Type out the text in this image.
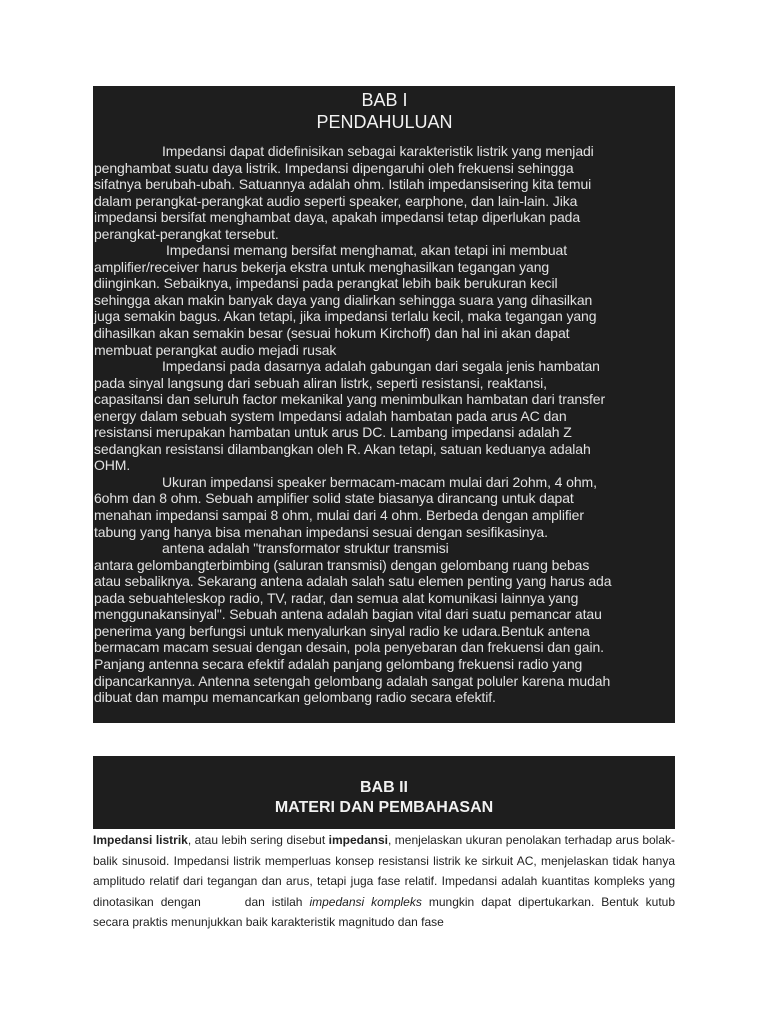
BAB I
PENDAHULUAN

Impedansi dapat didefinisikan sebagai karakteristik listrik yang menjadi

penghambat suatu daya listrik. Impedansi dipengaruhi oleh frekuensi sehingga

sifatnya berubah-ubah. Satuannya adalah ohm. Istilah impedansisering kita temui

dalam perangkat-perangkat audio seperti speaker, earphone, dan lain-lain. Jika

impedansi bersifat menghambat daya, apakah impedansi tetap diperlukan pada

perangkat-perangkat tersebut.

Impedansi memang bersifat menghamat, akan tetapi ini membuat

amplifier/receiver harus bekerja ekstra untuk menghasilkan tegangan yang

diinginkan. Sebaiknya, impedansi pada perangkat lebih baik berukuran kecil

sehingga akan makin banyak daya yang dialirkan sehingga suara yang dihasilkan

juga semakin bagus. Akan tetapi, jika impedansi terlalu kecil, maka tegangan yang

dihasilkan akan semakin besar (sesuai hokum Kirchoff) dan hal ini akan dapat

membuat perangkat audio mejadi rusak

Impedansi pada dasarnya adalah gabungan dari segala jenis hambatan

pada sinyal langsung dari sebuah aliran listrk, seperti resistansi, reaktansi,

capasitansi dan seluruh factor mekanikal yang menimbulkan hambatan dari transfer

energy dalam sebuah system Impedansi adalah hambatan pada arus AC dan

resistansi merupakan hambatan untuk arus DC. Lambang impedansi adalah Z

sedangkan resistansi dilambangkan oleh R. Akan tetapi, satuan keduanya adalah

OHM.

Ukuran impedansi speaker bermacam-macam mulai dari 2ohm, 4 ohm,

6ohm dan 8 ohm. Sebuah amplifier solid state biasanya dirancang untuk dapat

menahan impedansi sampai 8 ohm, mulai dari 4 ohm. Berbeda dengan amplifier

tabung yang hanya bisa menahan impedansi sesuai dengan sesifikasinya.

antena adalah "transformator struktur transmisi

antara gelombangterbimbing (saluran transmisi) dengan gelombang ruang bebas

atau sebaliknya. Sekarang antena adalah salah satu elemen penting yang harus ada

pada sebuahteleskop radio, TV, radar, dan semua alat komunikasi lainnya yang

menggunakansinyal". Sebuah antena adalah bagian vital dari suatu pemancar atau

penerima yang berfungsi untuk menyalurkan sinyal radio ke udara.Bentuk antena

bermacam macam sesuai dengan desain, pola penyebaran dan frekuensi dan gain.

Panjang antenna secara efektif adalah panjang gelombang frekuensi radio yang

dipancarkannya. Antenna setengah gelombang adalah sangat poluler karena mudah

dibuat dan mampu memancarkan gelombang radio secara efektif.

BAB II
MATERI DAN PEMBAHASAN

Impedansi listrik, atau lebih sering disebut impedansi, menjelaskan ukuran penolakan terhadap arus bolak-balik sinusoid. Impedansi listrik memperluas konsep resistansi listrik ke sirkuit AC, menjelaskan tidak hanya amplitudo relatif dari tegangan dan arus, tetapi juga fase relatif. Impedansi adalah kuantitas kompleks yang dinotasikan dengan	dan istilah impedansi kompleks mungkin dapat dipertukarkan. Bentuk kutub secara praktis menunjukkan baik karakteristik magnitudo dan fase
